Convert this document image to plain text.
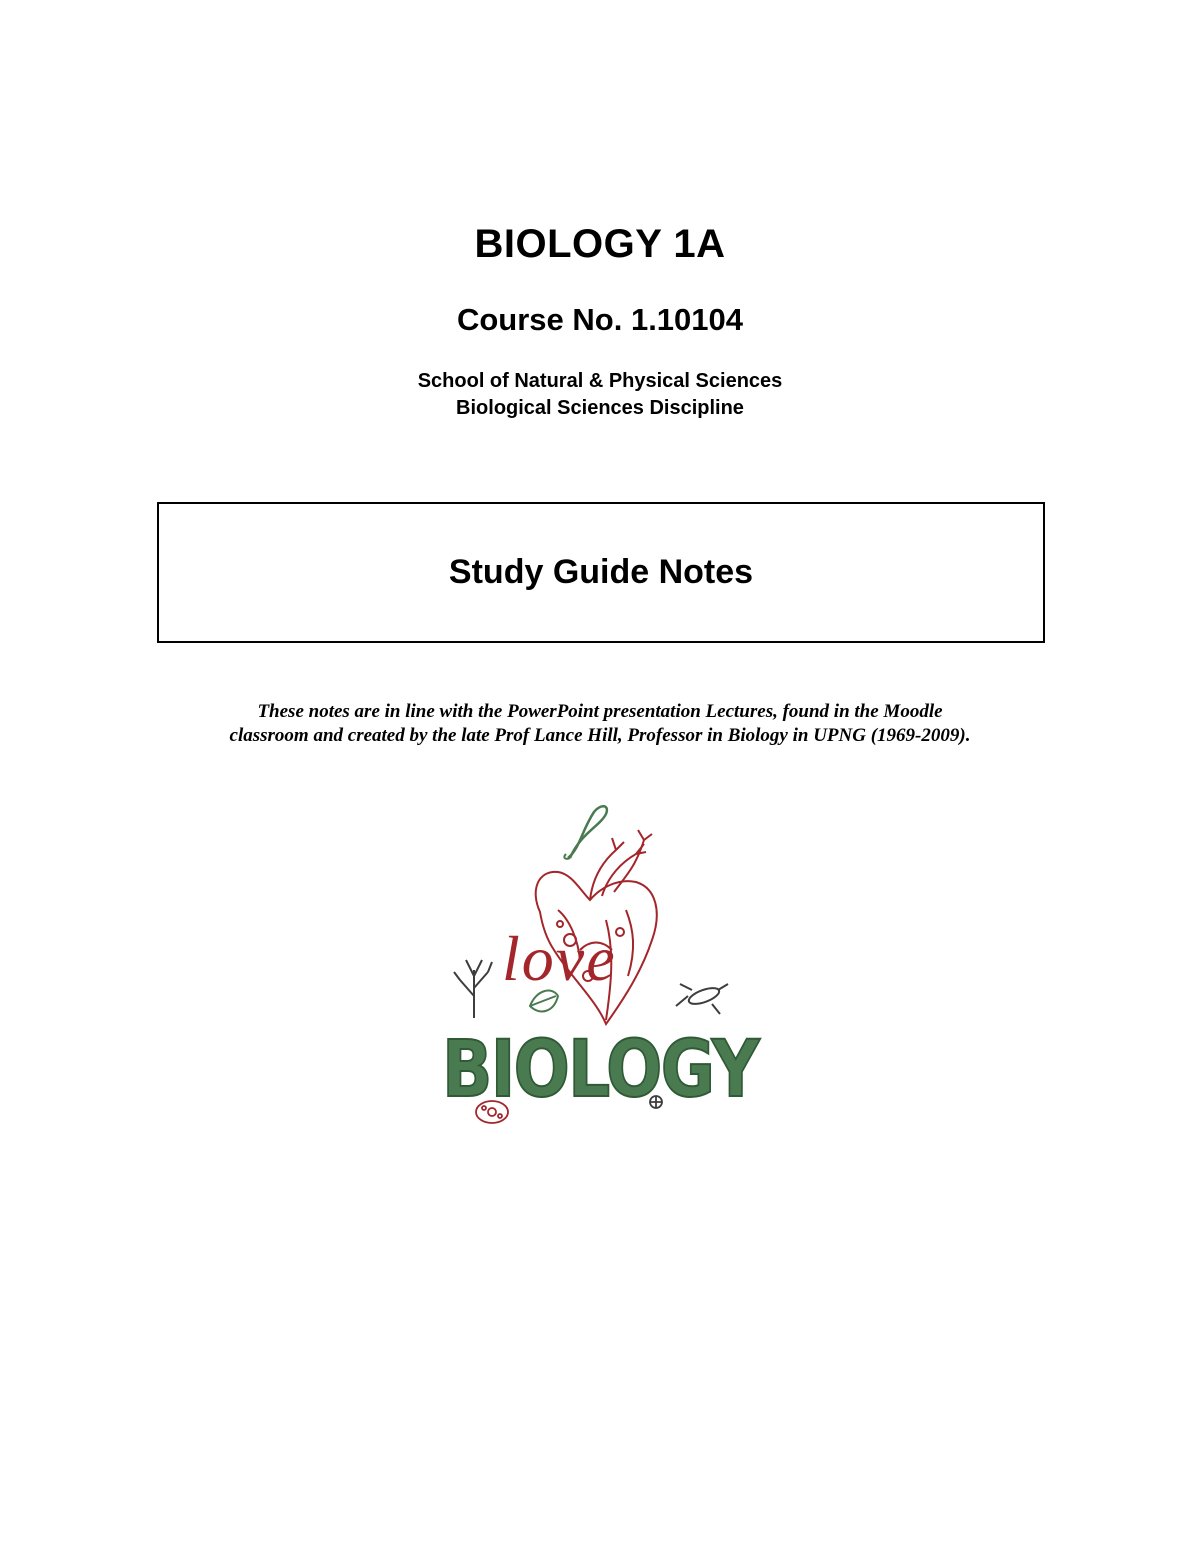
BIOLOGY 1A
Course No. 1.10104
School of Natural & Physical Sciences
Biological Sciences Discipline
Study Guide Notes
These notes are in line with the PowerPoint presentation Lectures, found in the Moodle
classroom and created by the late Prof Lance Hill, Professor in Biology in UPNG (1969-2009).
love
BIOLOGY
